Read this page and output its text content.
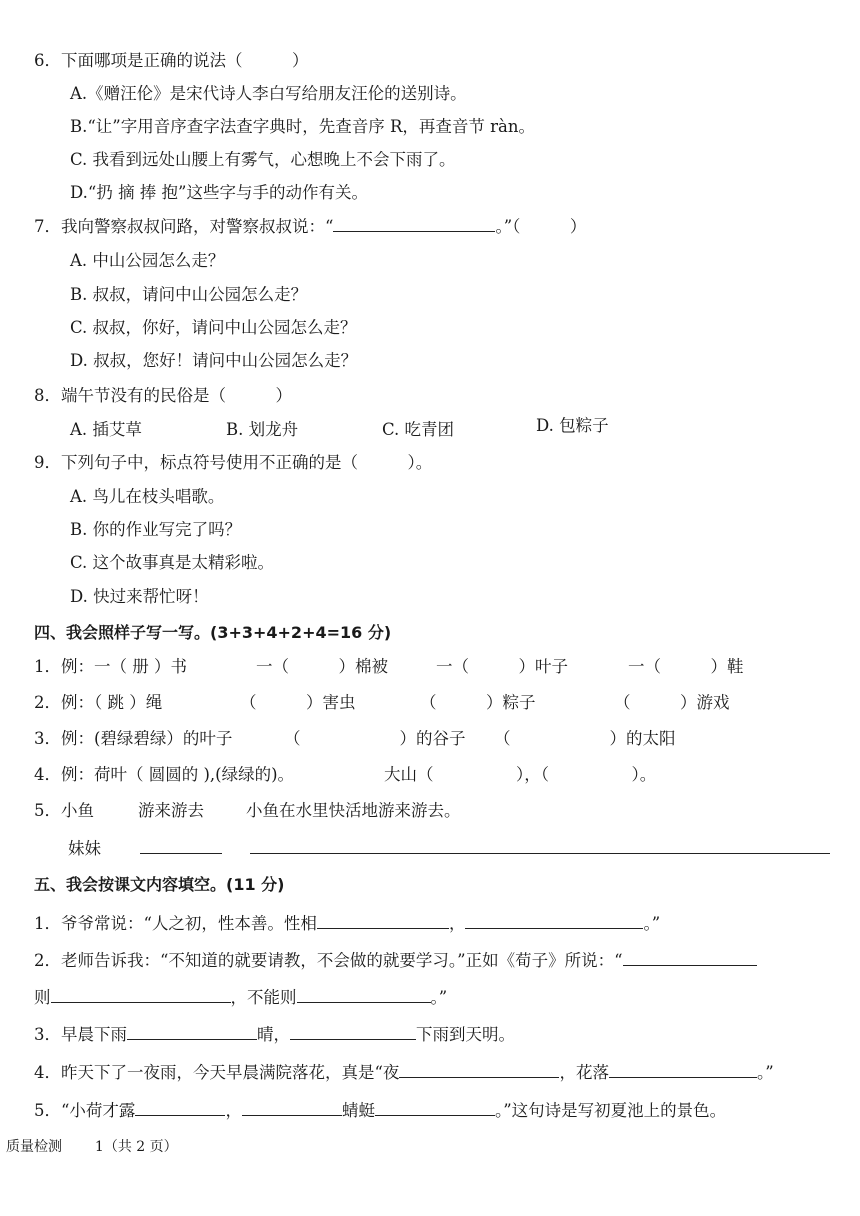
6．下面哪项是正确的说法（　　　）
A.《赠汪伦》是宋代诗人李白写给朋友汪伦的送别诗。
B.“让”字用音序查字法查字典时，先查音序 R，再查音节 ràn。
C. 我看到远处山腰上有雾气，心想晚上不会下雨了。
D.“扔 摘 捧 抱”这些字与手的动作有关。
7．我向警察叔叔问路，对警察叔叔说：“	。”（　　　）
A. 中山公园怎么走？
B. 叔叔，请问中山公园怎么走？
C. 叔叔，你好，请问中山公园怎么走？
D. 叔叔，您好！请问中山公园怎么走？
8．端午节没有的民俗是（　　　）
A. 插艾草	B. 划龙舟	C. 吃青团	D. 包粽子
9．下列句子中，标点符号使用不正确的是（　　　）。
A. 鸟儿在枝头唱歌。
B. 你的作业写完了吗？
C. 这个故事真是太精彩啦。
D. 快过来帮忙呀！
四、我会照样子写一写。(3+3+4+2+4=16 分)
1．例：一（ 册 ）书	一（　　　）棉被	一（　　　）叶子	一（　　　）鞋
2．例：（ 跳 ）绳	（　　　）害虫	（　　　）粽子	（　　　）游戏
3．例：(碧绿碧绿）的叶子	（　　　　　　）的谷子 （　　　　　　）的太阳
4．例：荷叶（ 圆圆的 ),(绿绿的)。	大山（　　　　　），（　　　　　）。
5．小鱼	游来游去	小鱼在水里快活地游来游去。
妹妹
五、我会按课文内容填空。(11 分)
1．爷爷常说：“人之初，性本善。性相	，	。”
2．老师告诉我：“不知道的就要请教，不会做的就要学习。”正如《荀子》所说：“
则	，不能则	。”
3．早晨下雨	晴，	下雨到天明。
4．昨天下了一夜雨，今天早晨满院落花，真是“夜	，花落	。”
5．“小荷才露	，	蜻蜓	。”这句诗是写初夏池上的景色。
质量检测 1（共 2 页）
